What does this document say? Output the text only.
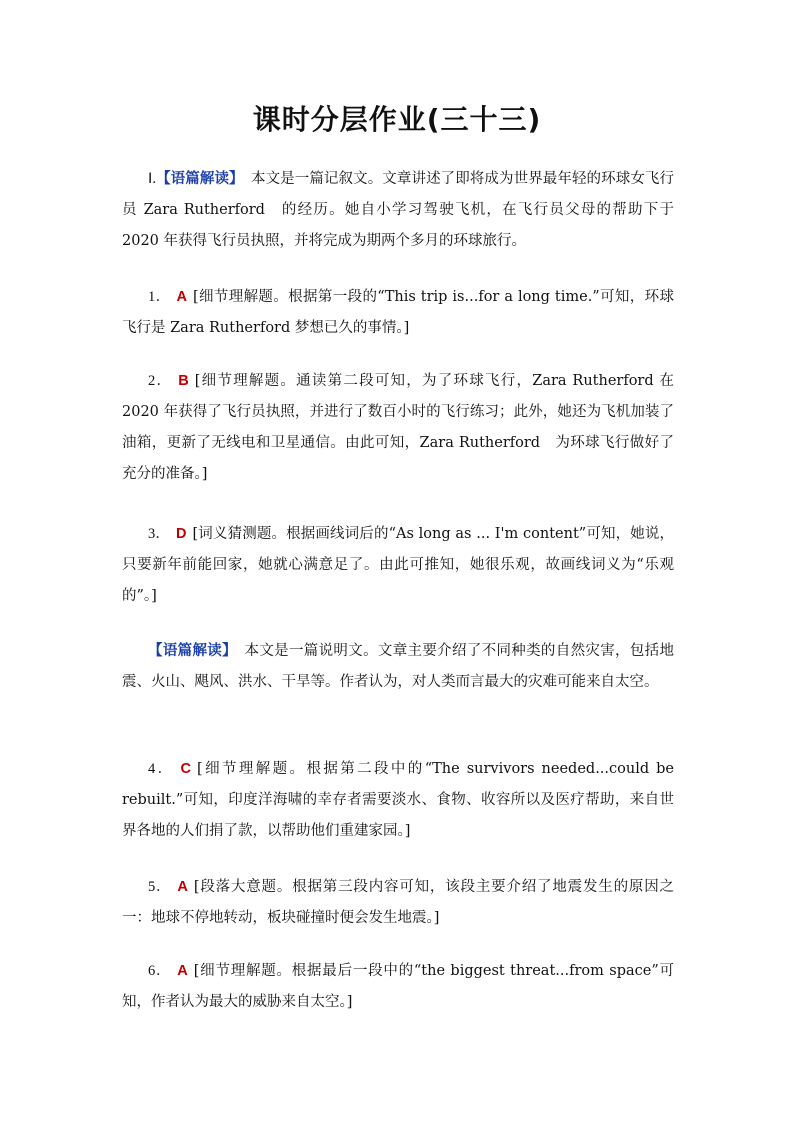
课时分层作业(三十三)
Ⅰ.【语篇解读】　本文是一篇记叙文。文章讲述了即将成为世界最年轻的环球女飞行员 Zara Rutherford　的经历。她自小学习驾驶飞机，在飞行员父母的帮助下于 2020 年获得飞行员执照，并将完成为期两个多月的环球旅行。
1． A [细节理解题。根据第一段的“This trip is...for a long time.”可知，环球飞行是 Zara Rutherford 梦想已久的事情。]
2． B [细节理解题。通读第二段可知，为了环球飞行，Zara Rutherford 在 2020 年获得了飞行员执照，并进行了数百小时的飞行练习；此外，她还为飞机加装了油箱，更新了无线电和卫星通信。由此可知，Zara Rutherford　为环球飞行做好了充分的准备。]
3． D [词义猜测题。根据画线词后的“As long as ... I'm content”可知，她说，只要新年前能回家，她就心满意足了。由此可推知，她很乐观，故画线词义为“乐观的”。]
【语篇解读】　本文是一篇说明文。文章主要介绍了不同种类的自然灾害，包括地震、火山、飓风、洪水、干旱等。作者认为，对人类而言最大的灾难可能来自太空。
4． C [细节理解题。根据第二段中的“The survivors needed...could be rebuilt.”可知，印度洋海啸的幸存者需要淡水、食物、收容所以及医疗帮助，来自世界各地的人们捐了款，以帮助他们重建家园。]
5． A [段落大意题。根据第三段内容可知，该段主要介绍了地震发生的原因之一：地球不停地转动，板块碰撞时便会发生地震。]
6． A [细节理解题。根据最后一段中的“the biggest threat...from space”可知，作者认为最大的威胁来自太空。]
